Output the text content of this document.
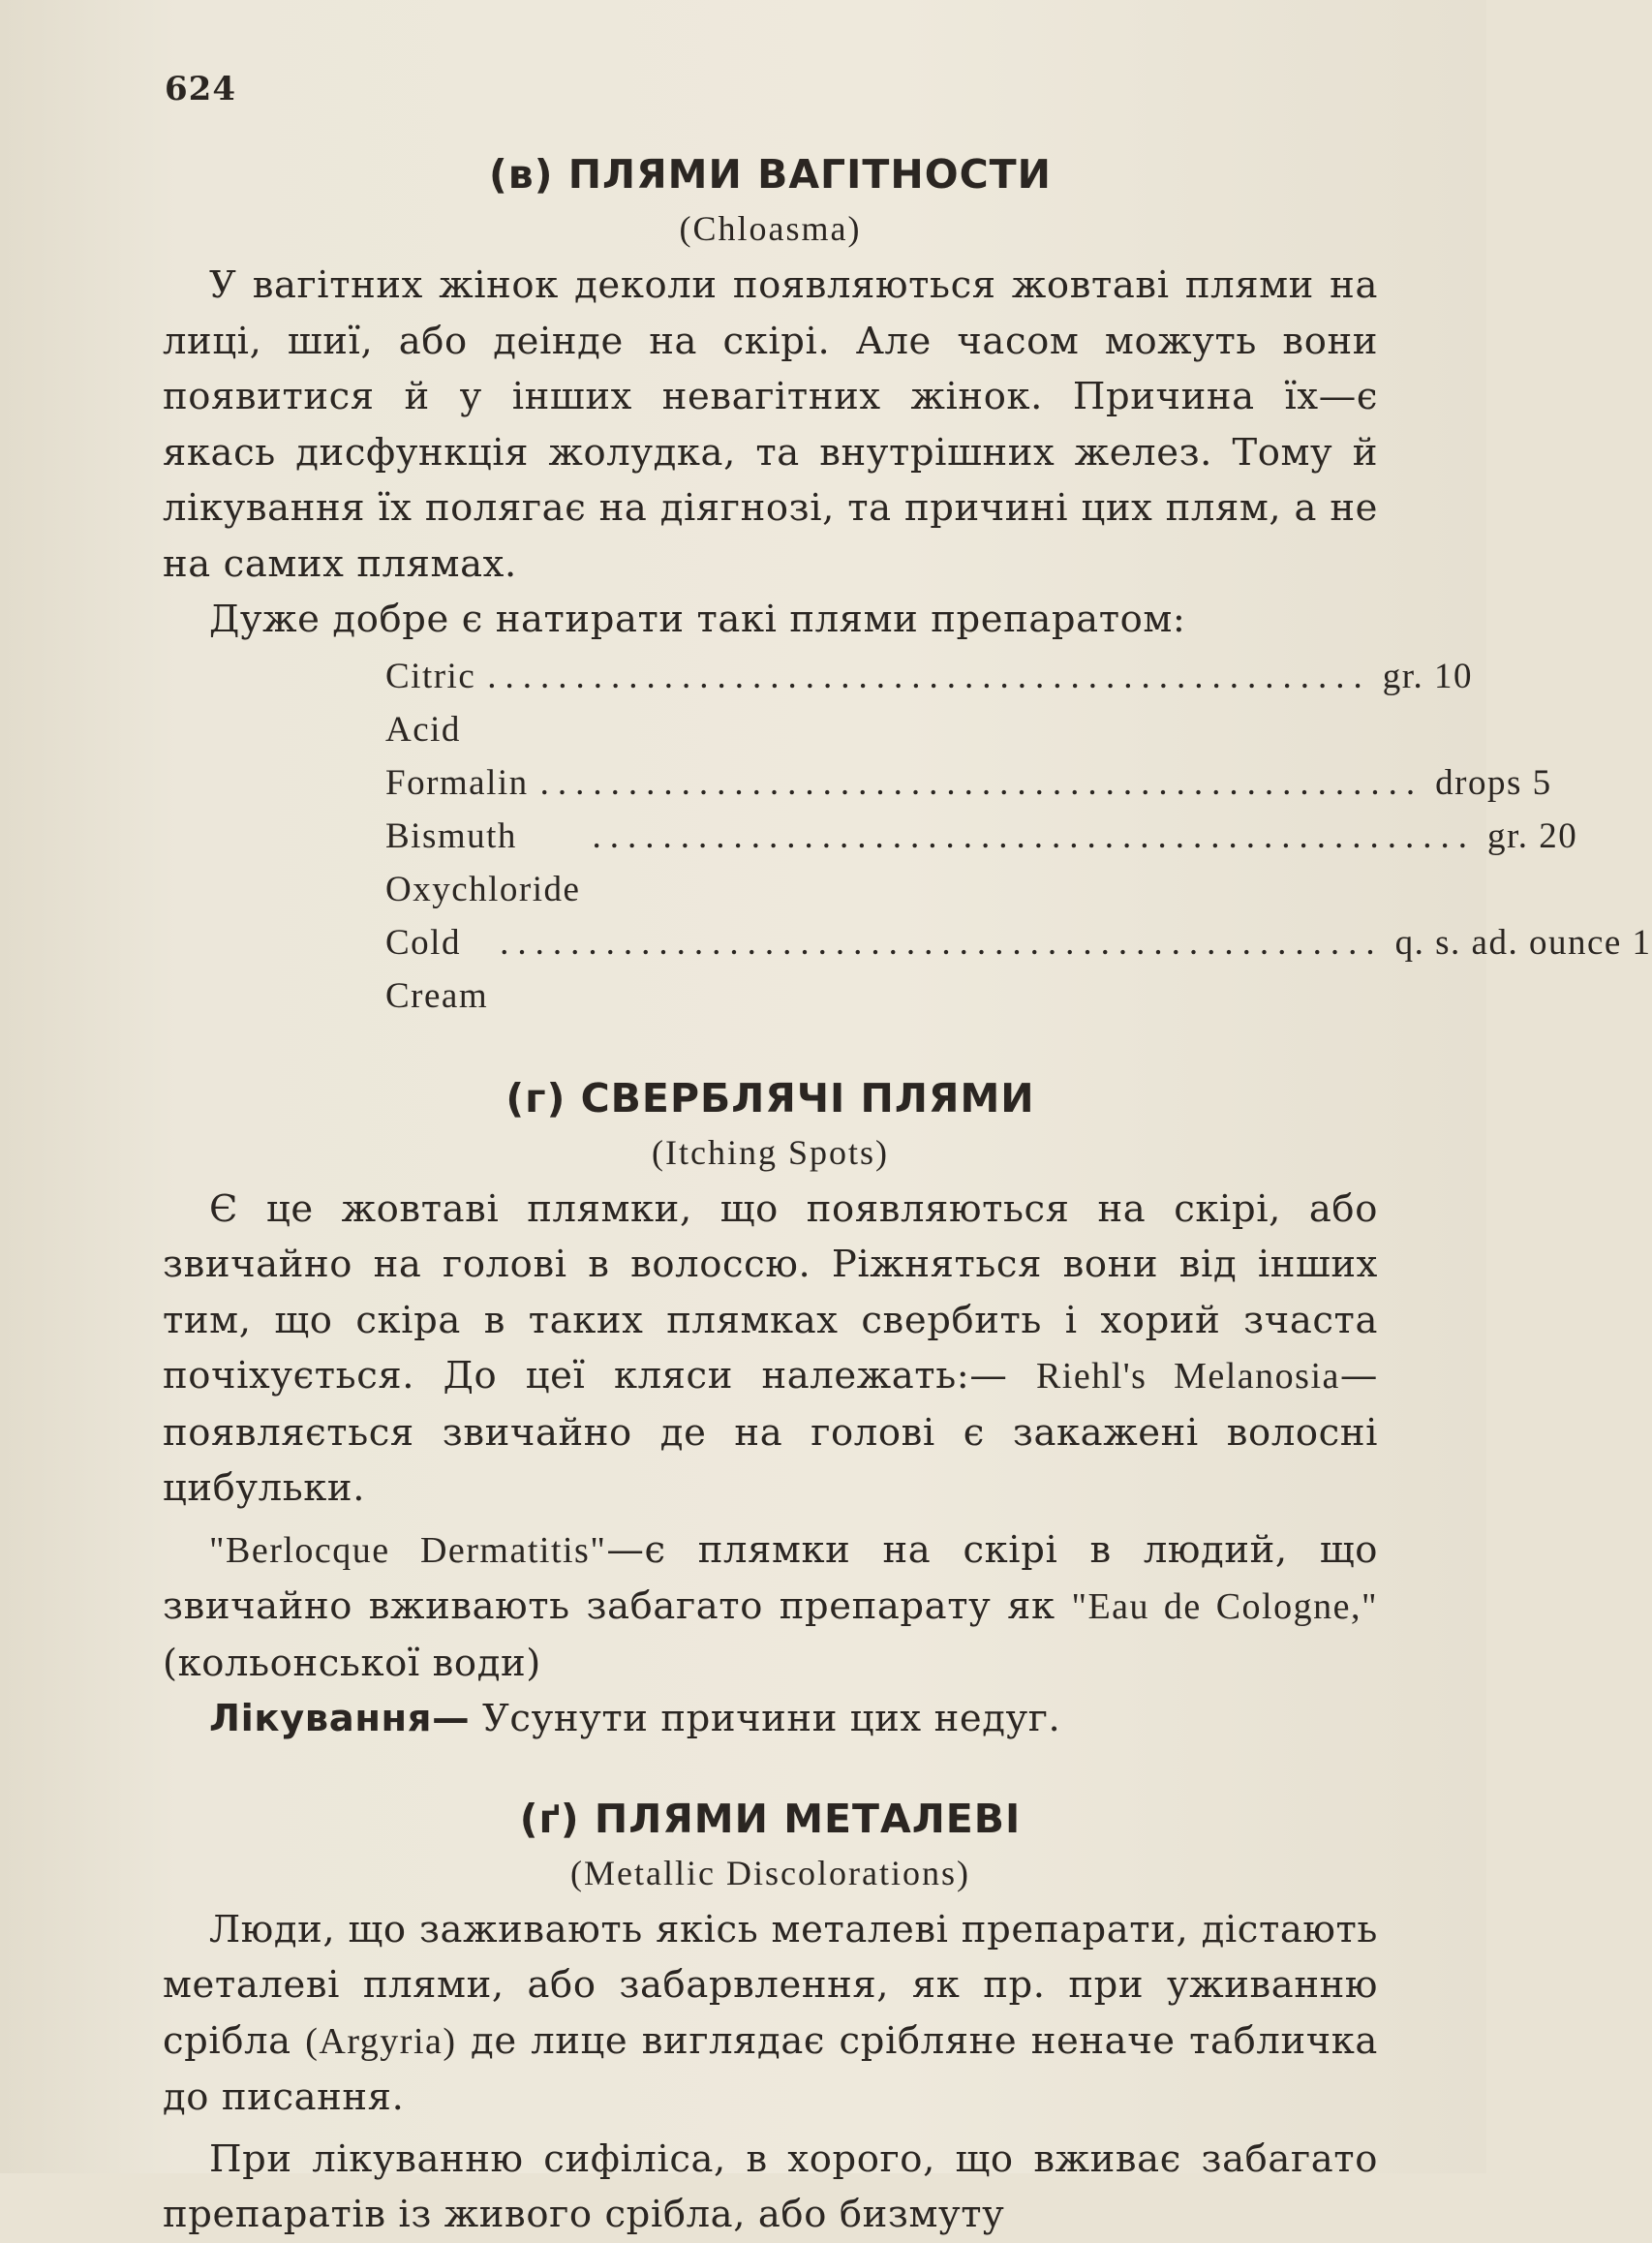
624
(в) ПЛЯМИ ВАГІТНОСТИ
(Chloasma)

У вагітних жінок деколи появляються жовтаві плями на лиці, шиї, або деінде на скірі. Але часом можуть вони появитися й у інших невагітних жінок. Причина їх—є якась дисфункція жолудка, та внутрішних желез. Тому й лікування їх полягає на діягнозі, та причині цих плям, а не на самих плямах.

Дуже добре є натирати такі плями препаратом:

Citric Acid
.................................................. gr. 10
Formalin .................................................. drops 5
Bismuth Oxychloride
.................................................. gr. 20
Cold Cream
.................................................. q. s. ad. ounce 1
(г) СВЕРБЛЯЧІ ПЛЯМИ
(Itching Spots)

Є це жовтаві плямки, що появляються на скірі, або звичайно на голові в волоссю. Ріжняться вони від інших тим, що скіра в таких плямках свербить і хорий зчаста почіхується. До цеї кляси належать:— Riehl's Melanosia—появляється звичайно де на голові є закажені волосні цибульки.

"Berlocque Dermatitis"—є плямки на скірі в людий, що звичайно вживають забагато препарату як "Eau de Cologne," (кольонської води)

Лікування— Усунути причини цих недуг.

(ґ) ПЛЯМИ МЕТАЛЕВІ
(Metallic Discolorations)

Люди, що заживають якісь металеві препарати, дістають металеві плями, або забарвлення, як пр. при уживанню срібла (Argyria) де лице виглядає срібляне неначе табличка до писання.

При лікуванню сифіліса, в хорого, що вживає забагато препаратів із живого срібла, або бизмуту
